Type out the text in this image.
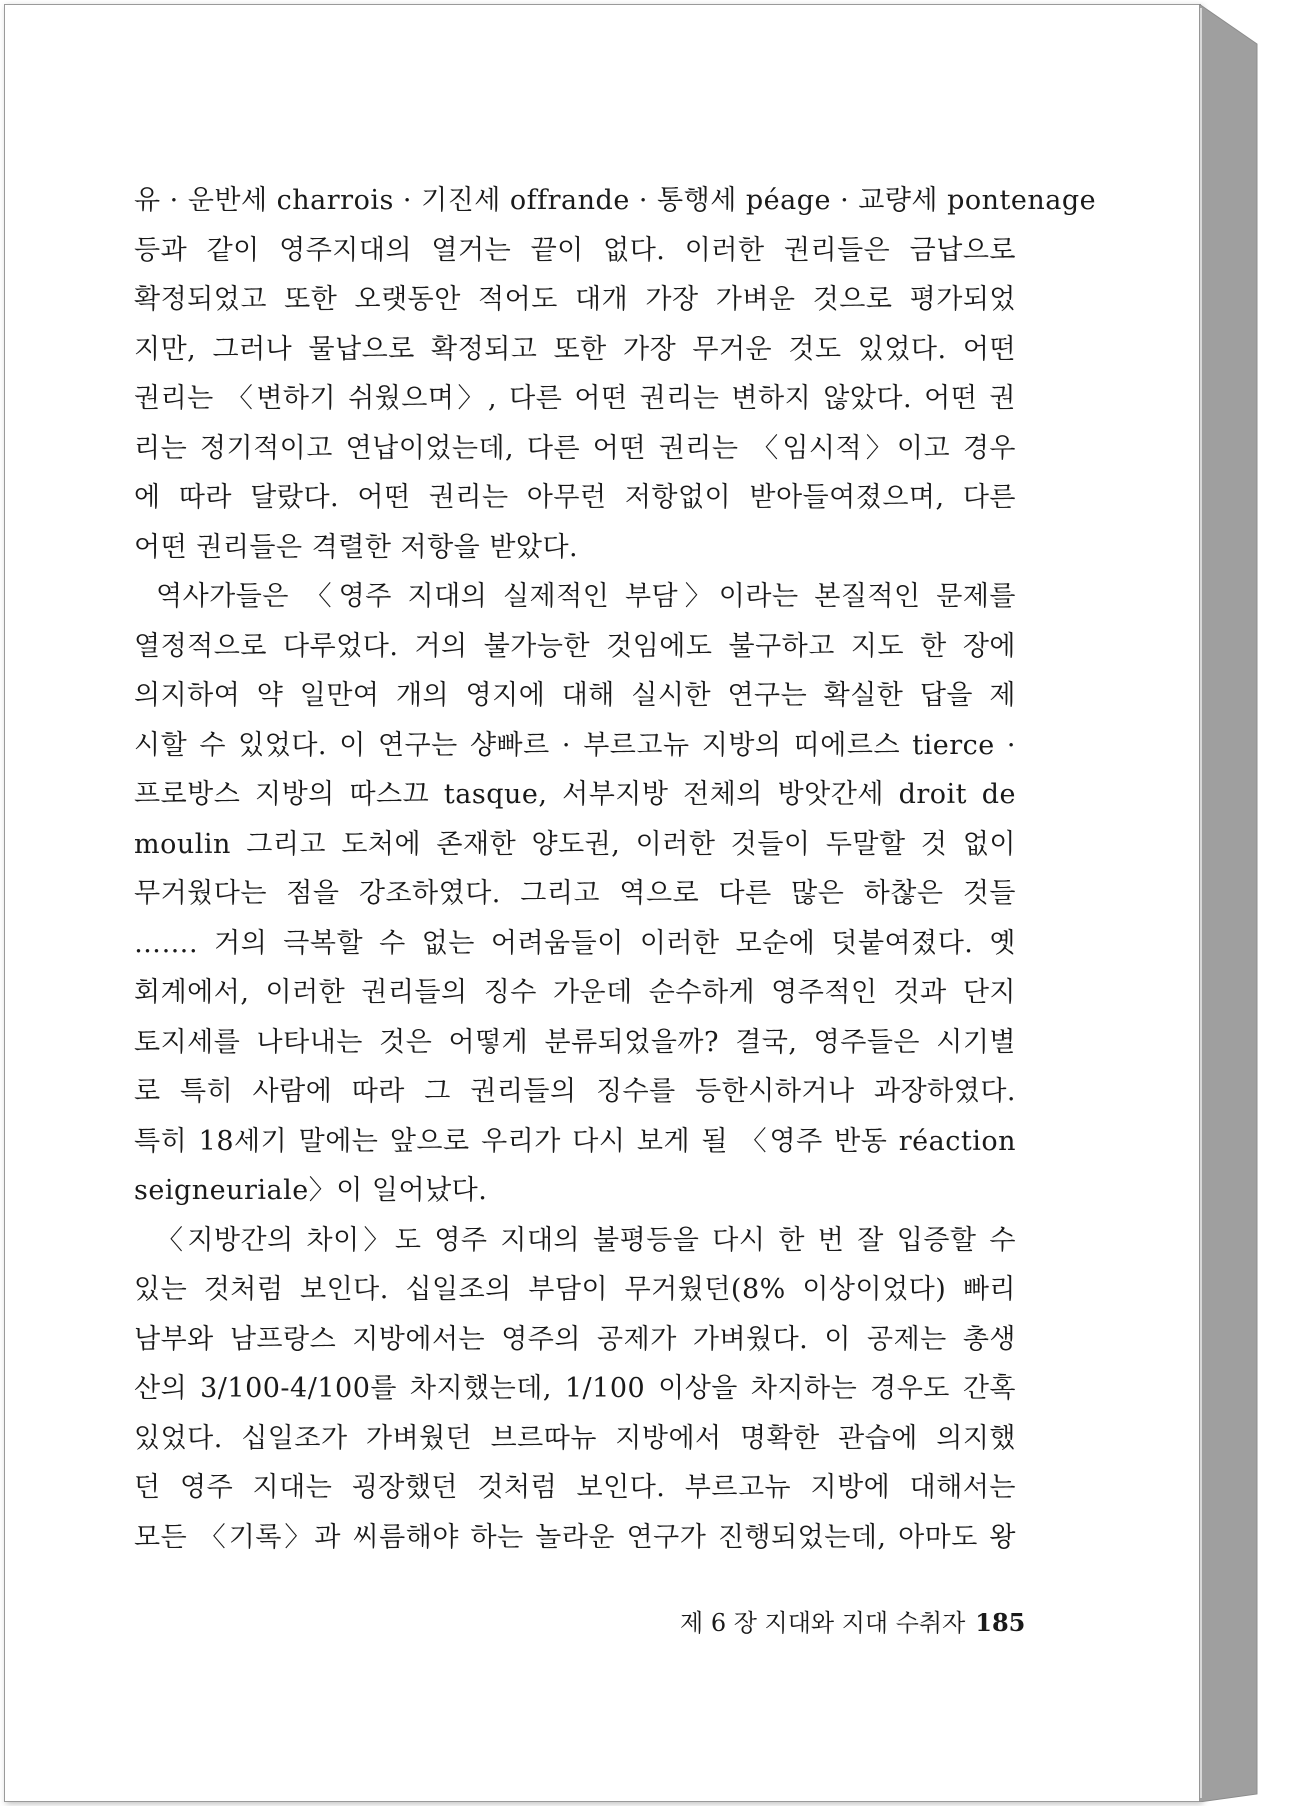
유 · 운반세 charrois · 기진세 offrande · 통행세 péage · 교량세 pontenage
등과 같이 영주지대의 열거는 끝이 없다. 이러한 권리들은 금납으로
확정되었고 또한 오랫동안 적어도 대개 가장 가벼운 것으로 평가되었
지만, 그러나 물납으로 확정되고 또한 가장 무거운 것도 있었다. 어떤
권리는 〈변하기 쉬웠으며〉, 다른 어떤 권리는 변하지 않았다. 어떤 권
리는 정기적이고 연납이었는데, 다른 어떤 권리는 〈임시적〉이고 경우
에 따라 달랐다. 어떤 권리는 아무런 저항없이 받아들여졌으며, 다른
어떤 권리들은 격렬한 저항을 받았다.
역사가들은 〈영주 지대의 실제적인 부담〉이라는 본질적인 문제를
열정적으로 다루었다. 거의 불가능한 것임에도 불구하고 지도 한 장에
의지하여 약 일만여 개의 영지에 대해 실시한 연구는 확실한 답을 제
시할 수 있었다. 이 연구는 샹빠르 · 부르고뉴 지방의 띠에르스 tierce ·
프로방스 지방의 따스끄 tasque, 서부지방 전체의 방앗간세 droit de
moulin 그리고 도처에 존재한 양도권, 이러한 것들이 두말할 것 없이
무거웠다는 점을 강조하였다. 그리고 역으로 다른 많은 하찮은 것들
……. 거의 극복할 수 없는 어려움들이 이러한 모순에 덧붙여졌다. 옛
회계에서, 이러한 권리들의 징수 가운데 순수하게 영주적인 것과 단지
토지세를 나타내는 것은 어떻게 분류되었을까? 결국, 영주들은 시기별
로 특히 사람에 따라 그 권리들의 징수를 등한시하거나 과장하였다.
특히 18세기 말에는 앞으로 우리가 다시 보게 될 〈영주 반동 réaction
seigneuriale〉이 일어났다.
〈지방간의 차이〉도 영주 지대의 불평등을 다시 한 번 잘 입증할 수
있는 것처럼 보인다. 십일조의 부담이 무거웠던(8% 이상이었다) 빠리
남부와 남프랑스 지방에서는 영주의 공제가 가벼웠다. 이 공제는 총생
산의 3/100-4/100를 차지했는데, 1/100 이상을 차지하는 경우도 간혹
있었다. 십일조가 가벼웠던 브르따뉴 지방에서 명확한 관습에 의지했
던 영주 지대는 굉장했던 것처럼 보인다. 부르고뉴 지방에 대해서는
모든 〈기록〉과 씨름해야 하는 놀라운 연구가 진행되었는데, 아마도 왕
제 6 장 지대와 지대 수취자 185
